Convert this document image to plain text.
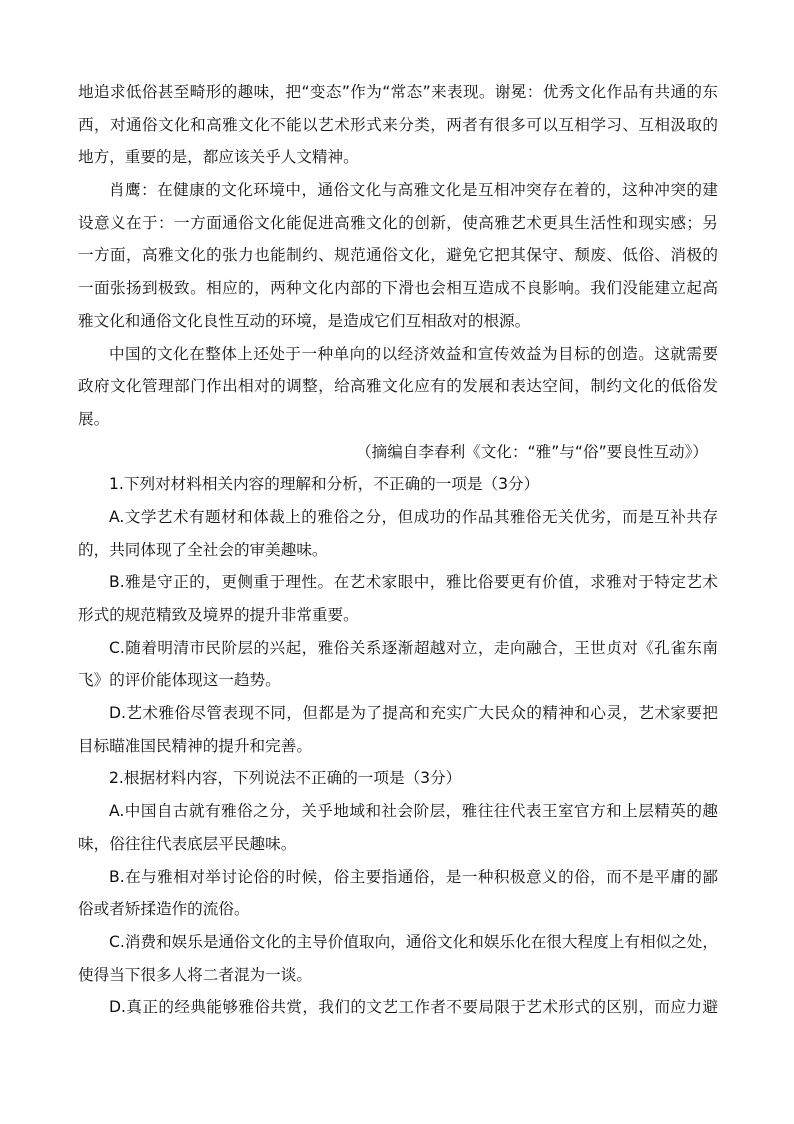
地追求低俗甚至畸形的趣味，把“变态”作为“常态”来表现。谢冕：优秀文化作品有共通的东
西，对通俗文化和高雅文化不能以艺术形式来分类，两者有很多可以互相学习、互相汲取的
地方，重要的是，都应该关乎人文精神。
肖鹰：在健康的文化环境中，通俗文化与高雅文化是互相冲突存在着的，这种冲突的建
设意义在于：一方面通俗文化能促进高雅文化的创新，使高雅艺术更具生活性和现实感；另
一方面，高雅文化的张力也能制约、规范通俗文化，避免它把其保守、颓废、低俗、消极的
一面张扬到极致。相应的，两种文化内部的下滑也会相互造成不良影响。我们没能建立起高
雅文化和通俗文化良性互动的环境，是造成它们互相敌对的根源。
中国的文化在整体上还处于一种单向的以经济效益和宣传效益为目标的创造。这就需要
政府文化管理部门作出相对的调整，给高雅文化应有的发展和表达空间，制约文化的低俗发
展。
（摘编自李春利《文化：“雅”与“俗”要良性互动》）
1.下列对材料相关内容的理解和分析，不正确的一项是（3分）
A.文学艺术有题材和体裁上的雅俗之分，但成功的作品其雅俗无关优劣，而是互补共存
的，共同体现了全社会的审美趣味。
B.雅是守正的，更侧重于理性。在艺术家眼中，雅比俗要更有价值，求雅对于特定艺术
形式的规范精致及境界的提升非常重要。
C.随着明清市民阶层的兴起，雅俗关系逐渐超越对立，走向融合，王世贞对《孔雀东南
飞》的评价能体现这一趋势。
D.艺术雅俗尽管表现不同，但都是为了提高和充实广大民众的精神和心灵，艺术家要把
目标瞄准国民精神的提升和完善。
2.根据材料内容，下列说法不正确的一项是（3分）
A.中国自古就有雅俗之分，关乎地域和社会阶层，雅往往代表王室官方和上层精英的趣
味，俗往往代表底层平民趣味。
B.在与雅相对举讨论俗的时候，俗主要指通俗，是一种积极意义的俗，而不是平庸的鄙
俗或者矫揉造作的流俗。
C.消费和娱乐是通俗文化的主导价值取向，通俗文化和娱乐化在很大程度上有相似之处，
使得当下很多人将二者混为一谈。
D.真正的经典能够雅俗共赏，我们的文艺工作者不要局限于艺术形式的区别，而应力避
